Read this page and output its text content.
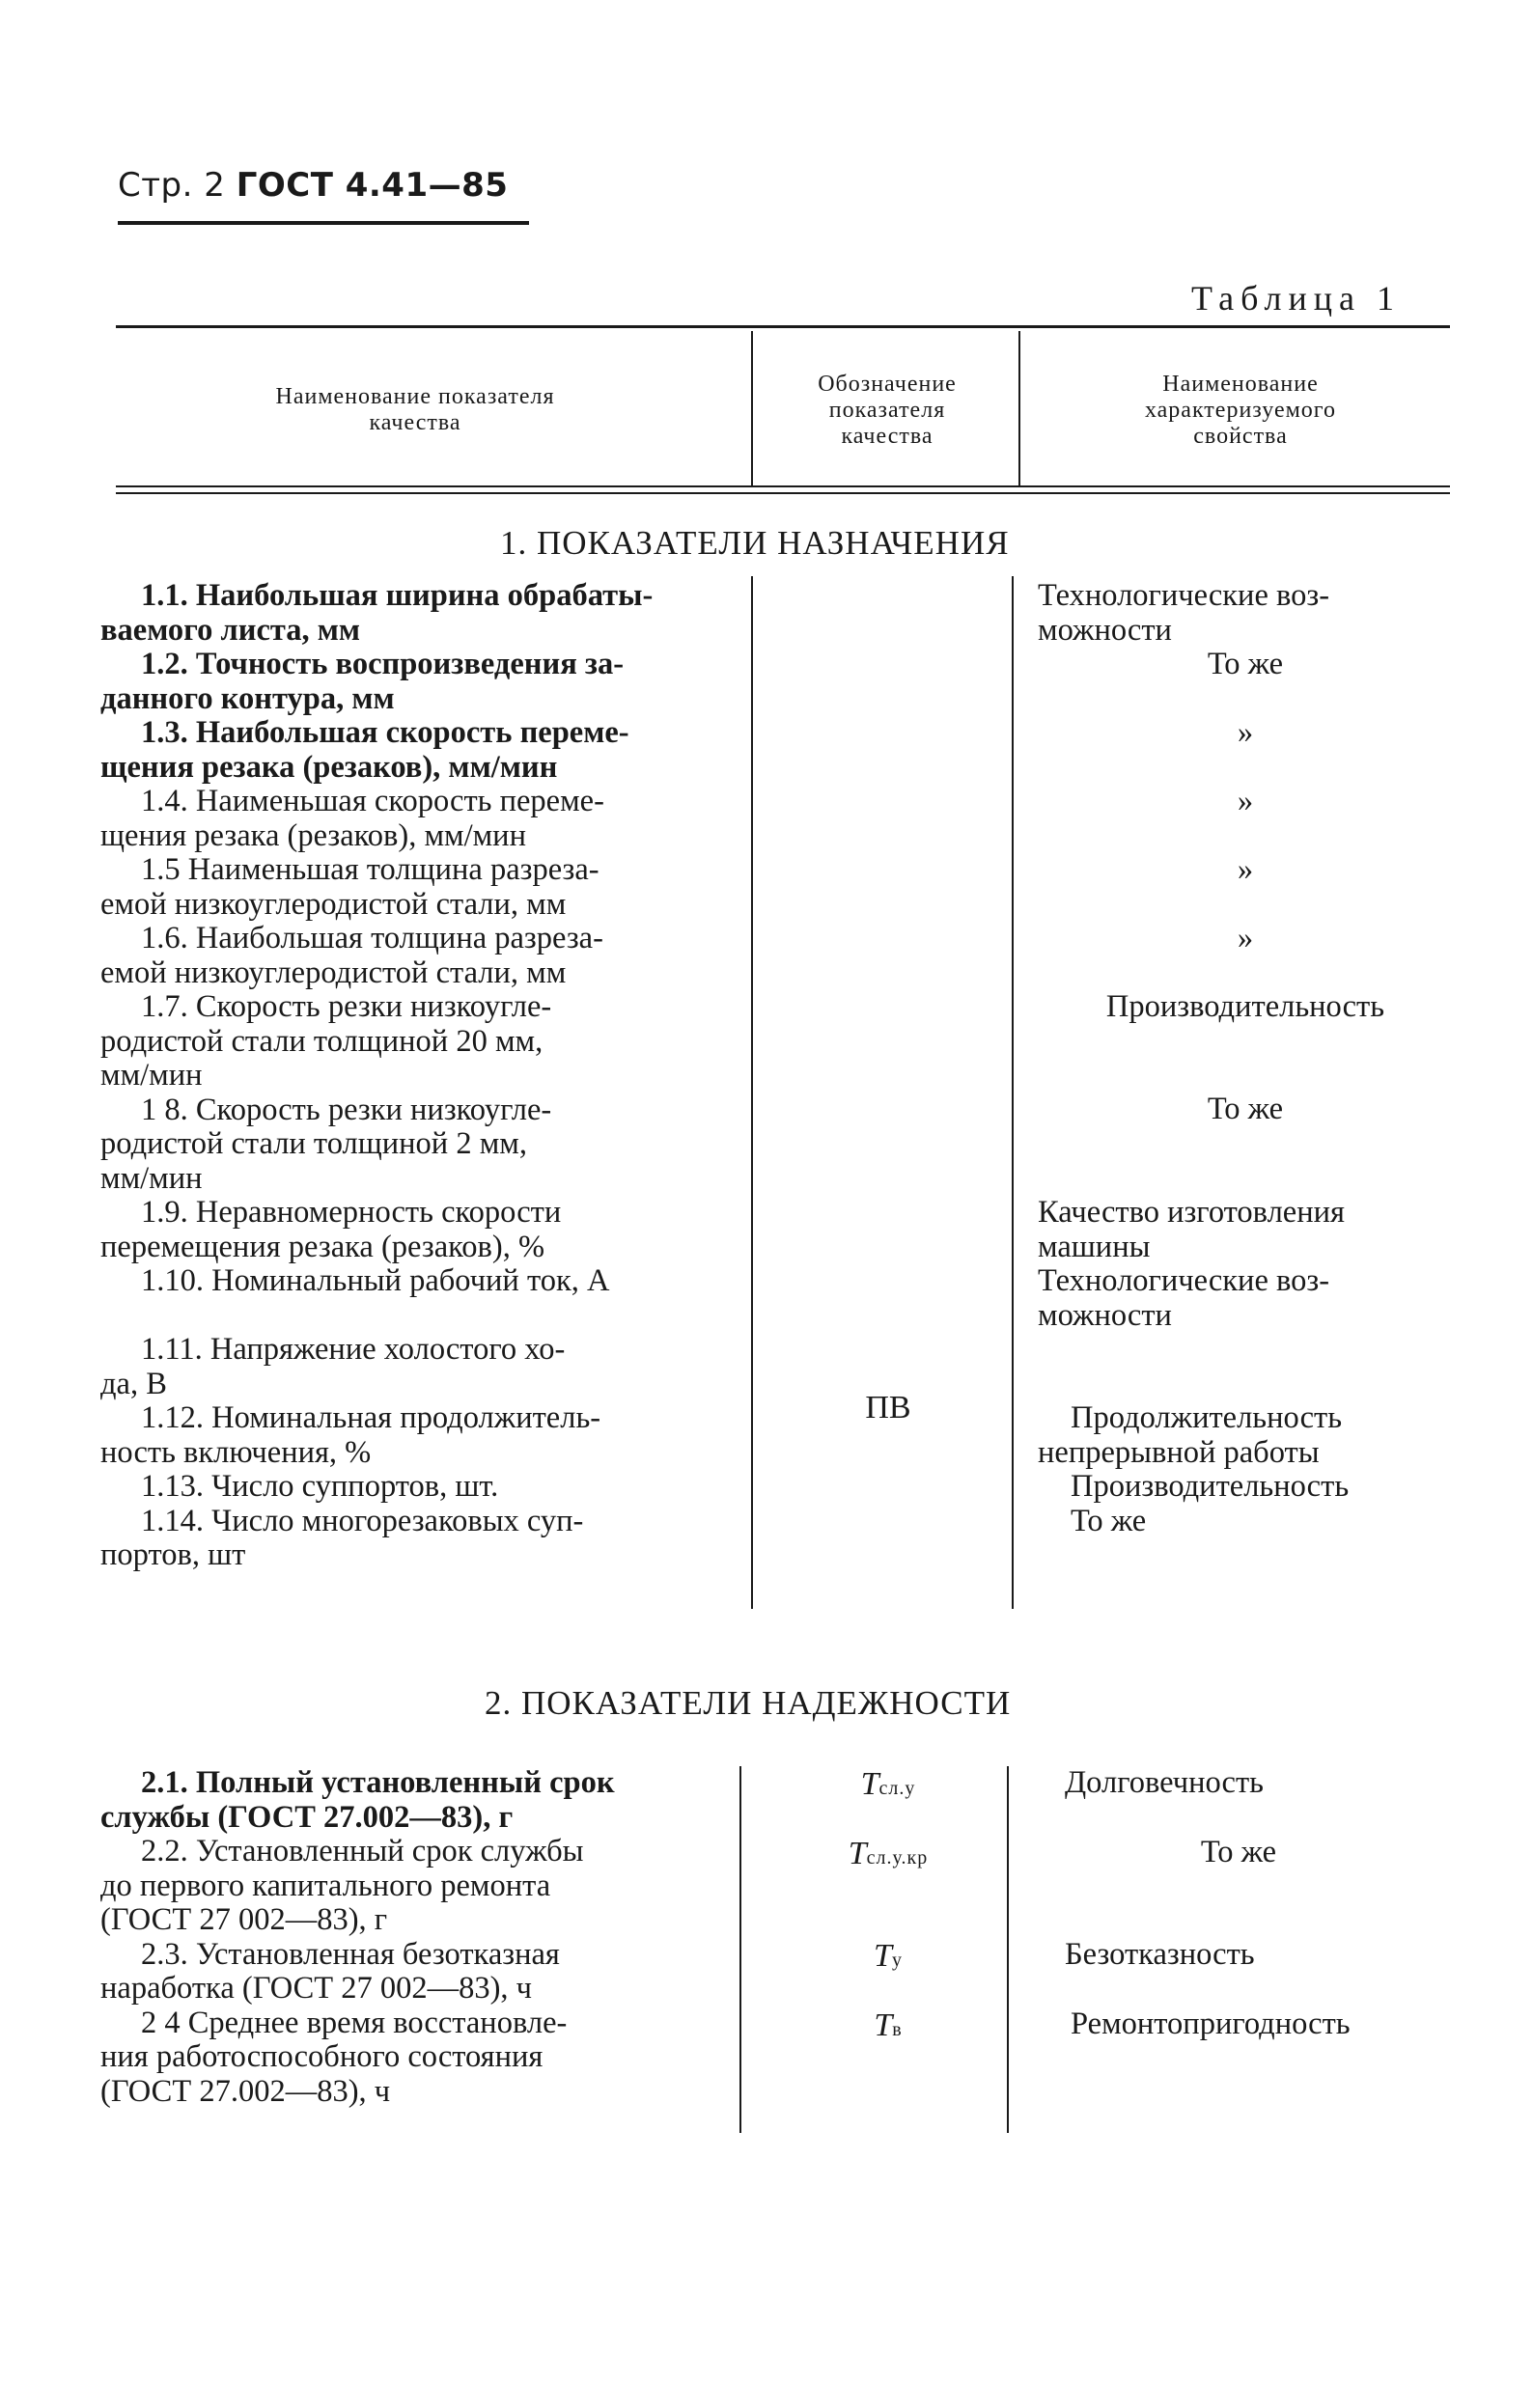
Стр. 2 ГОСТ 4.41—85
Таблица 1
Наименование показателя
качества
Обозначение
показателя
качества
Наименование
характеризуемого
свойства
1. ПОКАЗАТЕЛИ НАЗНАЧЕНИЯ
1.1. Наибольшая ширина обрабаты-
ваемого листа, мм
1.2. Точность воспроизведения за-
данного контура, мм
1.3. Наибольшая скорость переме-
щения резака (резаков), мм/мин
1.4. Наименьшая скорость переме-
щения резака (резаков), мм/мин
1.5 Наименьшая толщина разреза-
емой низкоуглеродистой стали, мм
1.6. Наибольшая толщина разреза-
емой низкоуглеродистой стали, мм
1.7. Скорость резки низкоугле-
родистой стали толщиной 20 мм,
мм/мин
1 8. Скорость резки низкоугле-
родистой стали толщиной 2 мм,
мм/мин
1.9. Неравномерность скорости
перемещения резака (резаков), %
1.10. Номинальный рабочий ток, А
1.11. Напряжение холостого хо-
да, В
1.12. Номинальная продолжитель-
ность включения, %
1.13. Число суппортов, шт.
1.14. Число многорезаковых суп-
портов, шт
ПВ
Технологические воз-
можности
То же
»
»
»
»
Производительность
То же
Качество изготовления
машины
Технологические воз-
можности
Продолжительность
непрерывной работы
Производительность
То же
2. ПОКАЗАТЕЛИ НАДЕЖНОСТИ
2.1. Полный установленный срок
службы (ГОСТ 27.002—83), г
2.2. Установленный срок службы
до первого капитального ремонта
(ГОСТ 27 002—83), г
2.3. Установленная безотказная
наработка (ГОСТ 27 002—83), ч
2 4 Среднее время восстановле-
ния работоспособного состояния
(ГОСТ 27.002—83), ч
Tсл.у
Tсл.у.кр
Tу
Tв
Долговечность
То же
Безотказность
Ремонтопригодность
